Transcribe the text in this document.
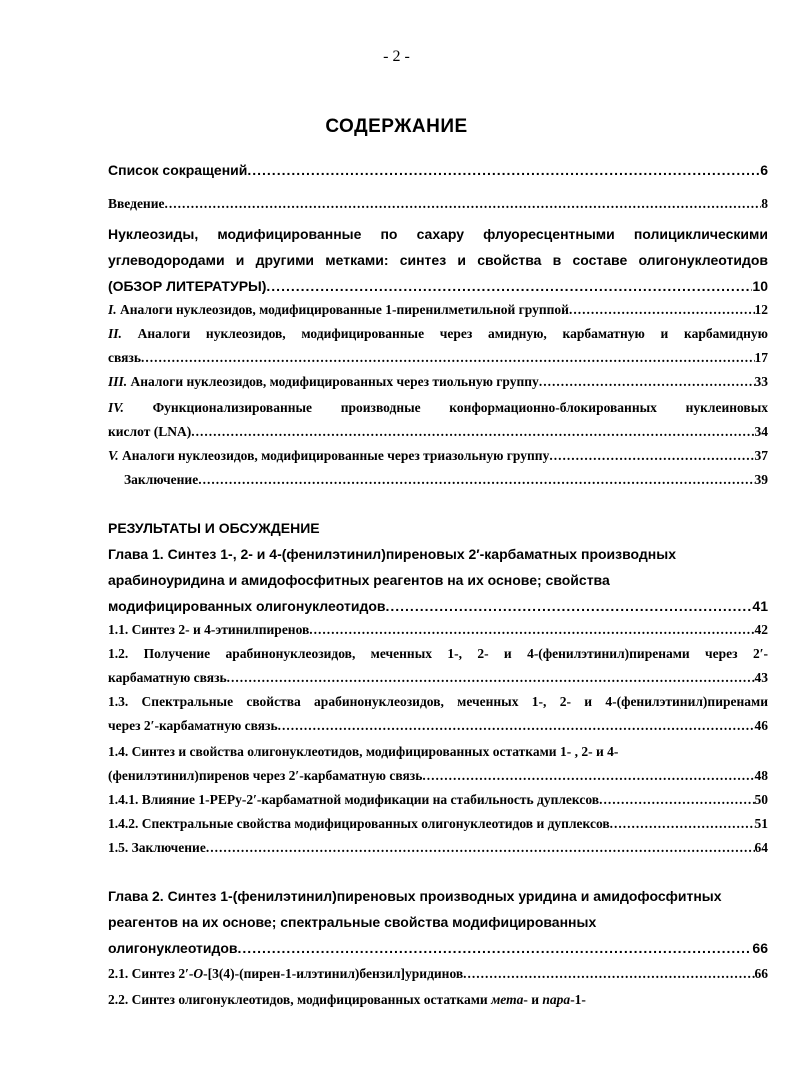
- 2 -
СОДЕРЖАНИЕ
Список сокращений .....	6
Введение .....	8
Нуклеозиды, модифицированные по сахару флуоресцентными полициклическими
углеводородами и другими метками: синтез и свойства в составе олигонуклеотидов
(ОБЗОР ЛИТЕРАТУРЫ) .....	10
I. Аналоги нуклеозидов, модифицированные 1-пиренилметильной группой .....	12
II. Аналоги нуклеозидов, модифицированные через амидную, карбаматную и карбамидную
связь .....	17
III. Аналоги нуклеозидов, модифицированных через тиольную группу .....	33
IV. Функционализированные производные конформационно-блокированных нуклеиновых
кислот (LNA) .....	34
V. Аналоги нуклеозидов, модифицированные через триазольную группу .....	37
Заключение .....	39
РЕЗУЛЬТАТЫ И ОБСУЖДЕНИЕ
Глава 1. Синтез 1-, 2- и 4-(фенилэтинил)пиреновых 2′-карбаматных производных
арабиноуридина и амидофосфитных реагентов на их основе; свойства
модифицированных олигонуклеотидов .....	41
1.1. Синтез 2- и 4-этинилпиренов .....	42
1.2. Получение арабинонуклеозидов, меченных 1-, 2- и 4-(фенилэтинил)пиренами через 2′-
карбаматную связь .....	43
1.3. Спектральные свойства арабинонуклеозидов, меченных 1-, 2- и 4-(фенилэтинил)пиренами
через 2′-карбаматную связь .....	46
1.4. Синтез и свойства олигонуклеотидов, модифицированных остатками 1- , 2- и 4-
(фенилэтинил)пиренов через 2′-карбаматную связь .....	48
1.4.1. Влияние 1-PEPy-2′-карбаматной модификации на стабильность дуплексов .....	50
1.4.2. Спектральные свойства модифицированных олигонуклеотидов и дуплексов .....	51
1.5. Заключение .....	64
Глава 2. Синтез 1-(фенилэтинил)пиреновых производных уридина и амидофосфитных
реагентов на их основе; спектральные свойства модифицированных
олигонуклеотидов .....	66
2.1. Синтез 2′-O-[3(4)-(пирен-1-илэтинил)бензил]уридинов .....	66
2.2. Синтез олигонуклеотидов, модифицированных остатками мета- и пара-1-
